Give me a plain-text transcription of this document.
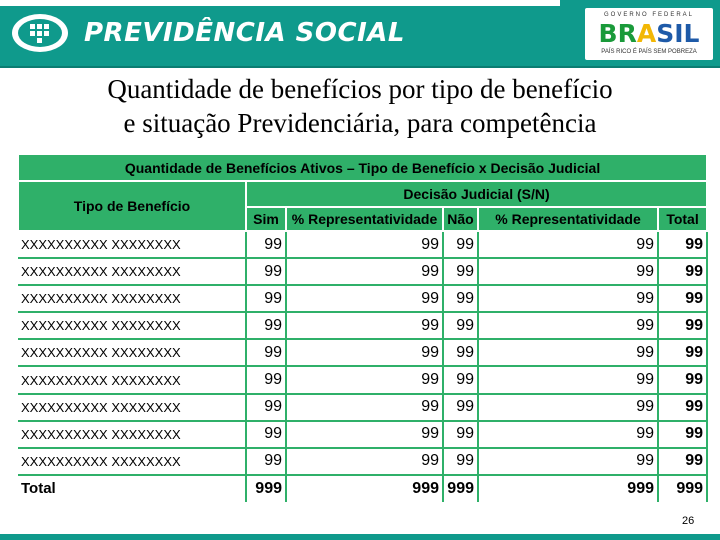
PREVIDÊNCIA SOCIAL
GOVERNO FEDERAL
BRASIL
PAÍS RICO É PAÍS SEM POBREZA
Quantidade de benefícios por tipo de benefício
e situação Previdenciária, para competência
Quantidade de Benefícios Ativos – Tipo de Benefício x Decisão Judicial					
Tipo de Benefício	Decisão Judicial (S/N)				
	Sim	% Representatividade	Não	% Representatividade	Total
XXXXXXXXXX XXXXXXXX	99	99	99	99	99
XXXXXXXXXX XXXXXXXX	99	99	99	99	99
XXXXXXXXXX XXXXXXXX	99	99	99	99	99
XXXXXXXXXX XXXXXXXX	99	99	99	99	99
XXXXXXXXXX XXXXXXXX	99	99	99	99	99
XXXXXXXXXX XXXXXXXX	99	99	99	99	99
XXXXXXXXXX XXXXXXXX	99	99	99	99	99
XXXXXXXXXX XXXXXXXX	99	99	99	99	99
XXXXXXXXXX XXXXXXXX	99	99	99	99	99
Total	999	999	999	999	999
26
